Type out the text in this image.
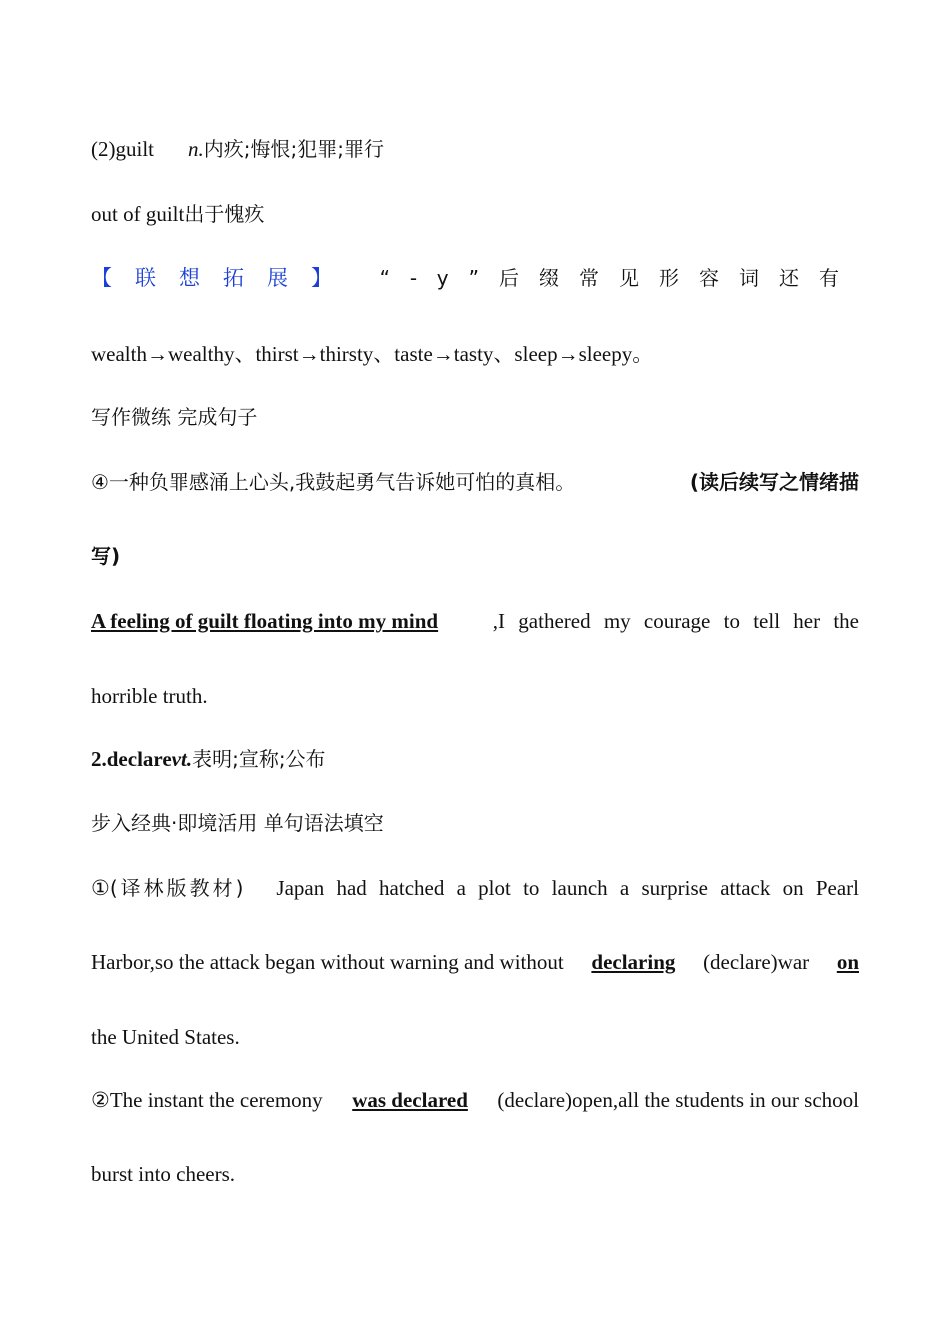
(2)guilt n.内疚;悔恨;犯罪;罪行
out of guilt出于愧疚
【联想拓展】 “-y”后缀常见形容词还有
wealth→wealthy、thirst→thirsty、taste→tasty、sleep→sleepy。
写作微练 完成句子
④一种负罪感涌上心头,我鼓起勇气告诉她可怕的真相。	(读后续写之情绪描
写)
A feeling of guilt floating into my mind	,I gathered my courage to tell her the
horrible truth.
2.declarevt.表明;宣称;公布
步入经典·即境活用 单句语法填空
①(译林版教材) Japan had hatched a plot to launch a surprise attack on Pearl
Harbor,so the attack began without warning and without declaring (declare)war on
the United States.
②The instant the ceremony was declared (declare)open,all the students in our school
burst into cheers.
